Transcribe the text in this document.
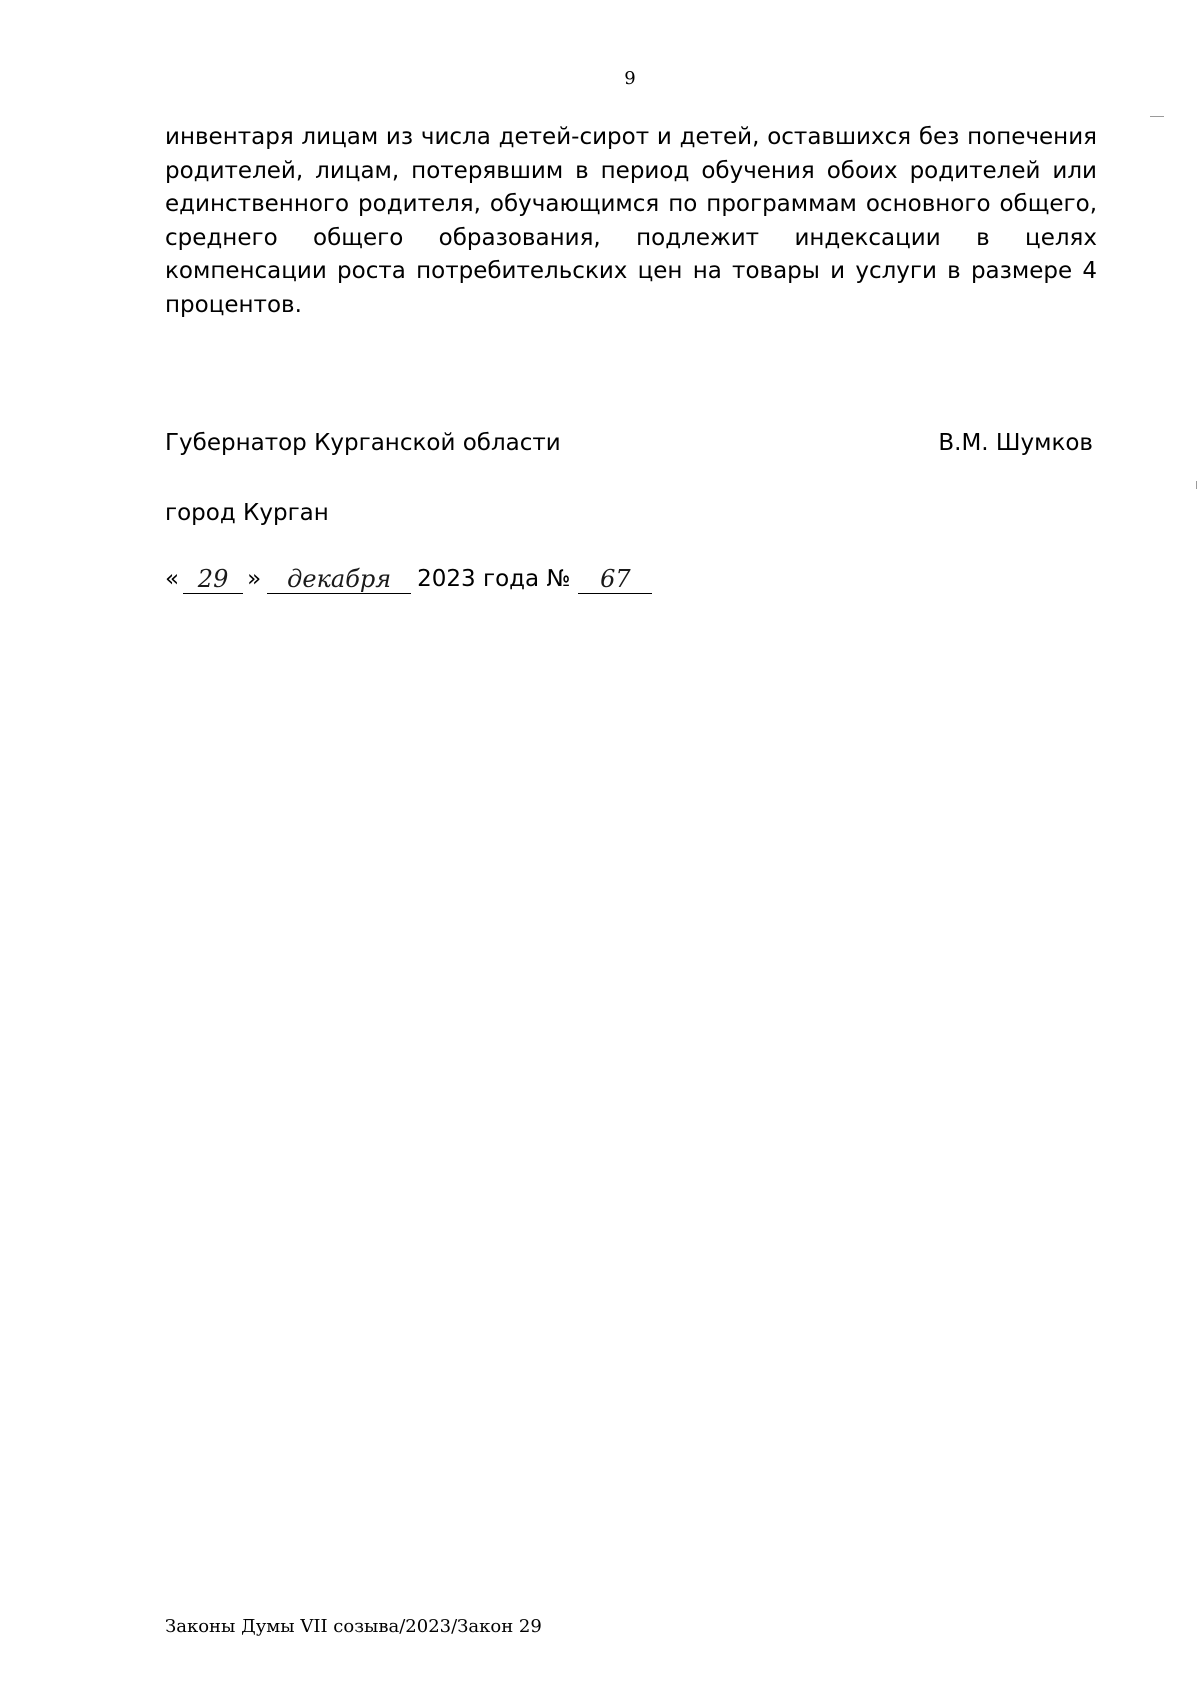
9

инвентаря лицам из числа детей-сирот и детей, оставшихся без попечения родителей, лицам, потерявшим в период обучения обоих родителей или единственного родителя, обучающимся по программам основного общего, среднего общего образования, подлежит индексации в целях компенсации роста потребительских цен на товары и услуги в размере 4 процентов.

Губернатор Курганской области	В.М. Шумков
город Курган
« 29 »	декабря	2023 года №	67
Законы Думы VII созыва/2023/Закон 29
